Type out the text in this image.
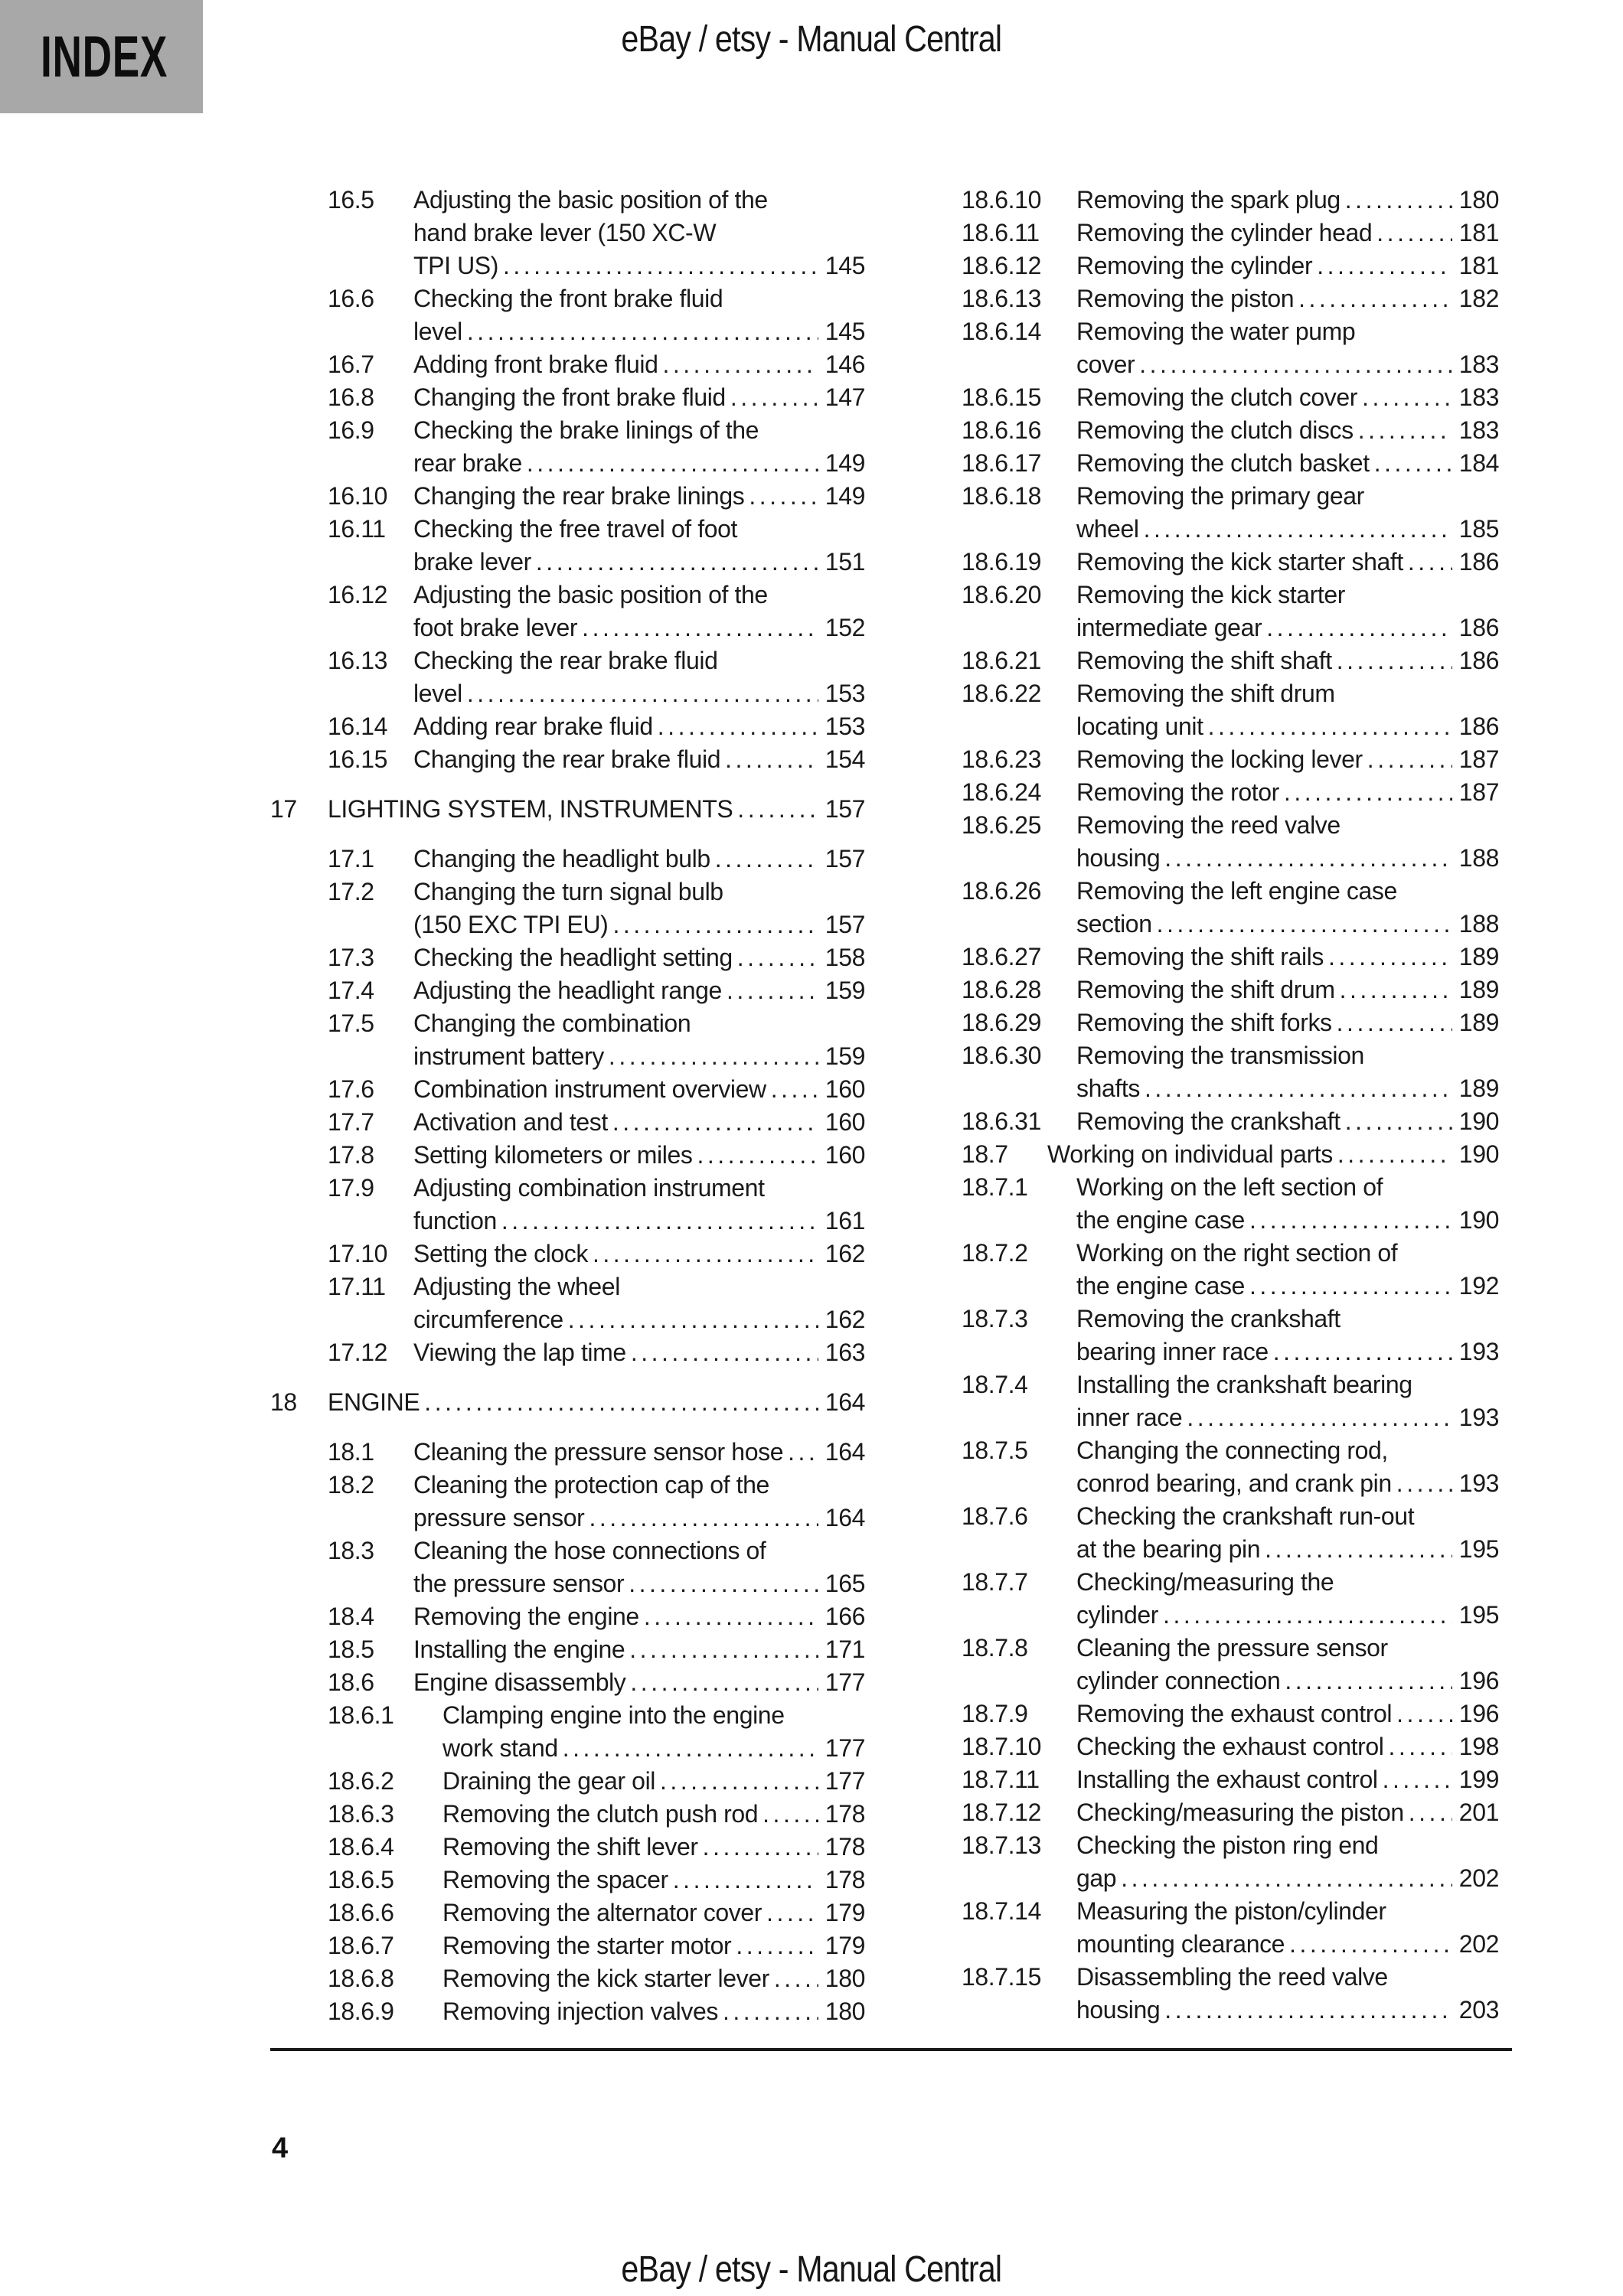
INDEX	eBay / etsy - Manual Central
16.5	Adjusting the basic position of the
hand brake lever (150 XC-W
TPI US) .....	145
16.6	Checking the front brake fluid
level .....	145
16.7	Adding front brake fluid .....	146
16.8	Changing the front brake fluid .....	147
16.9	Checking the brake linings of the
rear brake .....	149
16.10	Changing the rear brake linings .....	149
16.11	Checking the free travel of foot
brake lever .....	151
16.12	Adjusting the basic position of the
foot brake lever .....	152
16.13	Checking the rear brake fluid
level .....	153
16.14	Adding rear brake fluid .....	153
16.15	Changing the rear brake fluid .....	154
17	LIGHTING SYSTEM, INSTRUMENTS .....	157
17.1	Changing the headlight bulb .....	157
17.2	Changing the turn signal bulb
(150 EXC TPI EU) .....	157
17.3	Checking the headlight setting .....	158
17.4	Adjusting the headlight range .....	159
17.5	Changing the combination
instrument battery .....	159
17.6	Combination instrument overview ..... 160
17.7	Activation and test .....	160
17.8	Setting kilometers or miles .....	160
17.9	Adjusting combination instrument
function .....	161
17.10	Setting the clock .....	162
17.11	Adjusting the wheel
circumference .....	162
17.12	Viewing the lap time .....	163
18	ENGINE .....	164
18.1	Cleaning the pressure sensor hose ..... 164
18.2	Cleaning the protection cap of the
pressure sensor .....	164
18.3	Cleaning the hose connections of
the pressure sensor .....	165
18.4	Removing the engine .....	166
18.5	Installing the engine .....	171
18.6	Engine disassembly .....	177
18.6.1	Clamping engine into the engine
work stand .....	177
18.6.2	Draining the gear oil .....	177
18.6.3	Removing the clutch push rod .....	178
18.6.4	Removing the shift lever .....	178
18.6.5	Removing the spacer .....	178
18.6.6	Removing the alternator cover .....	179
18.6.7	Removing the starter motor .....	179
18.6.8	Removing the kick starter lever ..... 180
18.6.9	Removing injection valves .....	180
18.6.10	Removing the spark plug .....	180
18.6.11	Removing the cylinder head .....	181
18.6.12	Removing the cylinder .....	181
18.6.13	Removing the piston .....	182
18.6.14	Removing the water pump
cover .....	183
18.6.15	Removing the clutch cover .....	183
18.6.16	Removing the clutch discs .....	183
18.6.17	Removing the clutch basket .....	184
18.6.18	Removing the primary gear
wheel .....	185
18.6.19	Removing the kick starter shaft ..... 186
18.6.20	Removing the kick starter
intermediate gear .....	186
18.6.21	Removing the shift shaft .....	186
18.6.22	Removing the shift drum
locating unit .....	186
18.6.23	Removing the locking lever .....	187
18.6.24	Removing the rotor .....	187
18.6.25	Removing the reed valve
housing .....	188
18.6.26	Removing the left engine case
section .....	188
18.6.27	Removing the shift rails .....	189
18.6.28	Removing the shift drum .....	189
18.6.29	Removing the shift forks .....	189
18.6.30	Removing the transmission
shafts .....	189
18.6.31	Removing the crankshaft .....	190
18.7	Working on individual parts .....	190
18.7.1	Working on the left section of
the engine case .....	190
18.7.2	Working on the right section of
the engine case .....	192
18.7.3	Removing the crankshaft
bearing inner race .....	193
18.7.4	Installing the crankshaft bearing
inner race .....	193
18.7.5	Changing the connecting rod,
conrod bearing, and crank pin .....	193
18.7.6	Checking the crankshaft run-out
at the bearing pin .....	195
18.7.7	Checking/measuring the
cylinder .....	195
18.7.8	Cleaning the pressure sensor
cylinder connection .....	196
18.7.9	Removing the exhaust control .....	196
18.7.10	Checking the exhaust control .....	198
18.7.11	Installing the exhaust control .....	199
18.7.12	Checking/measuring the piston ..... 201
18.7.13	Checking the piston ring end
gap .....	202
18.7.14	Measuring the piston/cylinder
mounting clearance .....	202
18.7.15	Disassembling the reed valve
housing .....	203
4
eBay / etsy - Manual Central
